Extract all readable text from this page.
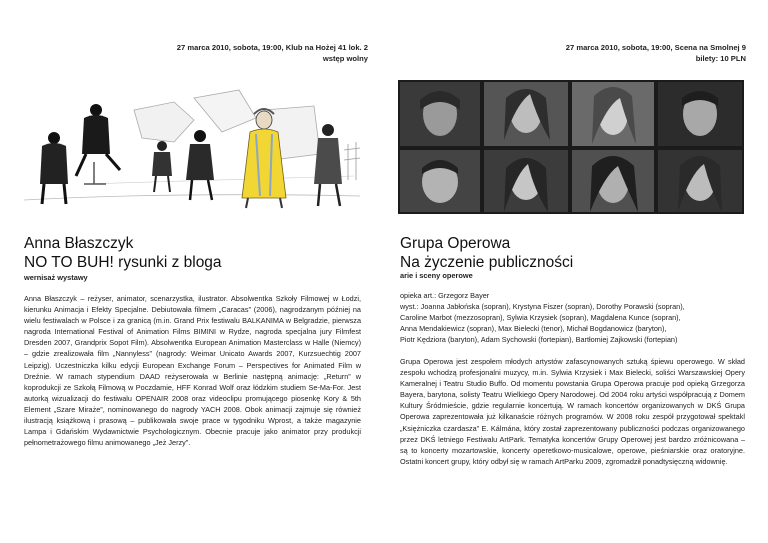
27 marca 2010, sobota, 19:00, Klub na Hożej 41 lok. 2
wstęp wolny
27 marca 2010, sobota, 19:00, Scena na Smolnej 9
bilety: 10 PLN
Anna Błaszczyk
NO TO BUH! rysunki z bloga
wernisaż wystawy

Anna Błaszczyk – reżyser, animator, scenarzystka, ilustrator. Absolwentka Szkoły Filmowej w Łodzi, kierunku Animacja i Efekty Specjalne. Debiutowała filmem „Caracas” (2006), nagrodzanym później na wielu festiwalach w Polsce i za granicą (m.in. Grand Prix festiwalu BALKANIMA w Belgradzie, pierwsza nagroda International Festival of Animation Films BIMINI w Rydze, nagroda specjalna jury Filmfest Dresden 2007, Grandprix Sopot Film). Absolwentka European Animation Masterclass w Halle (Niemcy) – gdzie zrealizowała film „Nannyless” (nagrody: Weimar Unicato Awards 2007, Kurzsuechtig 2007 Leipzig). Uczestniczka kilku edycji European Exchange Forum – Perspectives for Animated Film w Dreźnie. W ramach stypendium DAAD reżyserowała w Berlinie następną animację: „Return” w koprodukcji ze Szkołą Filmową w Poczdamie, HFF Konrad Wolf oraz łódzkim studiem Se-Ma-For. Jest autorką wizualizacji do festiwalu OPENAIR 2008 oraz videoclipu promującego piosenkę Kory & 5th Element „Szare Miraże”, nominowanego do nagrody YACH 2008. Obok animacji zajmuje się również ilustracją książkową i prasową – publikowała swoje prace w tygodniku Wprost, a także magazynie Lampa i Gdańskim Wydawnictwie Psychologicznym. Obecnie pracuje jako animator przy produkcji pełnometrażowego filmu animowanego „Jeż Jerzy”.

Grupa Operowa
Na życzenie publiczności
arie i sceny operowe
opieka art.: Grzegorz Bayer
wyst.: Joanna Jabłońska (sopran), Krystyna Fiszer (sopran), Dorothy Porawski (sopran),
Caroline Marbot (mezzosopran), Sylwia Krzysiek (sopran), Magdalena Kunce (sopran),
Anna Mendakiewicz (sopran), Max Bielecki (tenor), Michał Bogdanowicz (baryton),
Piotr Kędziora (baryton), Adam Sychowski (fortepian), Bartłomiej Zajkowski (fortepian)

Grupa Operowa jest zespołem młodych artystów zafascynowanych sztuką śpiewu operowego. W skład zespołu wchodzą profesjonalni muzycy, m.in. Sylwia Krzysiek i Max Bielecki, soliści Warszawskiej Opery Kameralnej i Teatru Studio Buffo. Od momentu powstania Grupa Operowa pracuje pod opieką Grzegorza Bayera, barytona, solisty Teatru Wielkiego Opery Narodowej. Od 2004 roku artyści współpracują z Domem Kultury Śródmieście, gdzie regularnie koncertują. W ramach koncertów organizowanych w DKŚ Grupa Operowa zaprezentowała już kilkanaście różnych programów. W 2008 roku zespół przygotował spektakl „Księżniczka czardasza” E. Kálmána, który został zaprezentowany publiczności podczas organizowanego przez DKŚ letniego Festiwalu ArtPark. Tematyka koncertów Grupy Operowej jest bardzo zróżnicowana – są to koncerty mozartowskie, koncerty operetkowo-musicalowe, operowe, pieśniarskie oraz oratoryjne. Ostatni koncert grupy, który odbył się w ramach ArtParku 2009, zgromadził ponadtysięczną widownię.
